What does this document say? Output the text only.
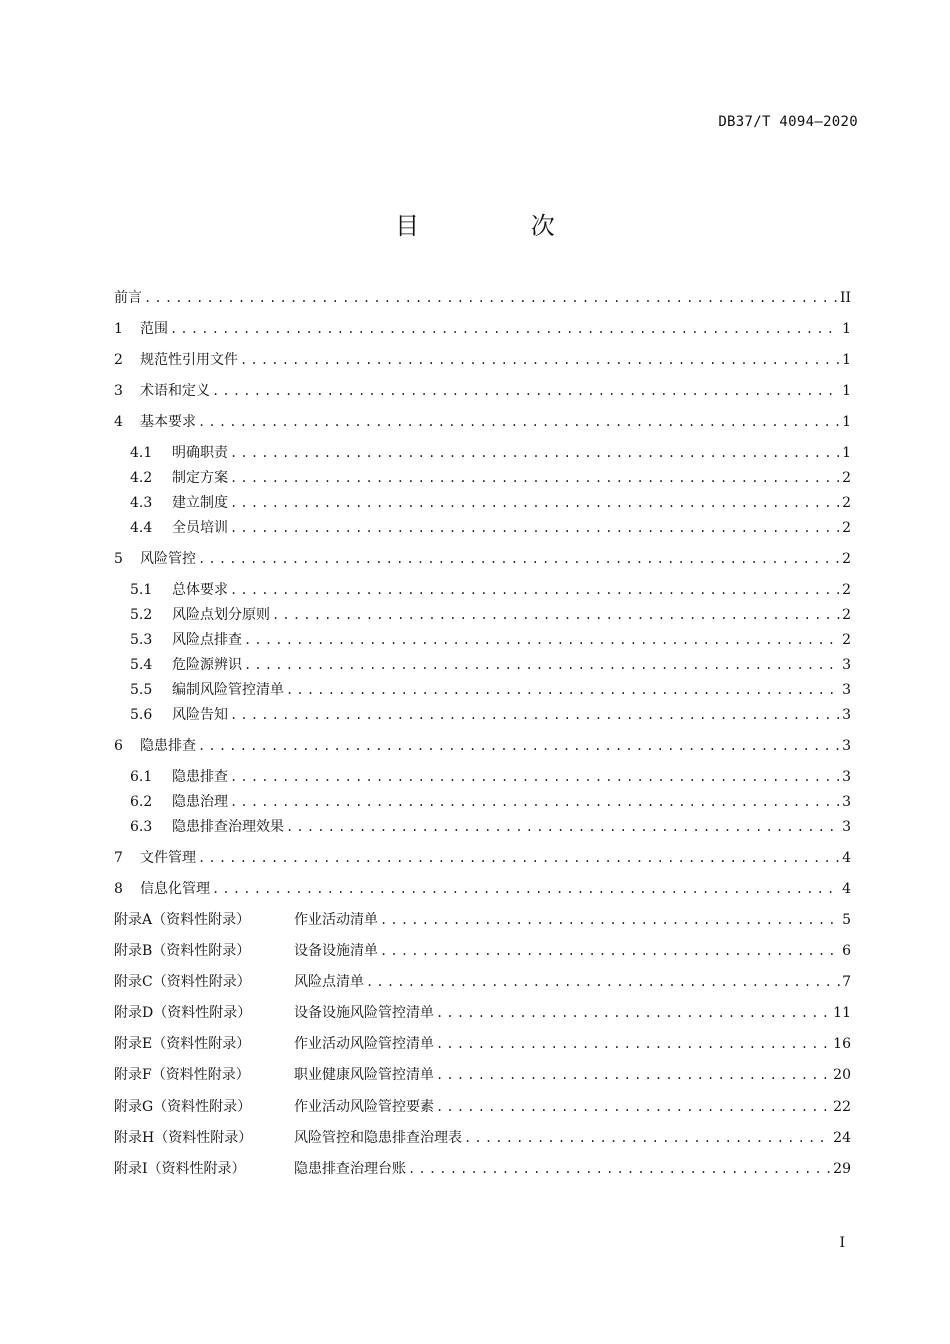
DB37/T 4094—2020
目 次
前言 .....	II
1	范围 .....	1
2	规范性引用文件 .....	1
3	术语和定义 .....	1
4	基本要求 .....	1
4.1	明确职责 .....	1
4.2	制定方案 .....	2
4.3	建立制度 .....	2
4.4	全员培训 .....	2
5	风险管控 .....	2
5.1	总体要求 .....	2
5.2	风险点划分原则 .....	2
5.3	风险点排查 .....	2
5.4	危险源辨识 .....	3
5.5	编制风险管控清单 .....	3
5.6	风险告知 .....	3
6	隐患排查 .....	3
6.1	隐患排查 .....	3
6.2	隐患治理 .....	3
6.3	隐患排查治理效果 .....	3
7	文件管理 .....	4
8	信息化管理 .....	4
附录A（资料性附录）	作业活动清单 .....	5
附录B（资料性附录）	设备设施清单 .....	6
附录C（资料性附录）	风险点清单 .....	7
附录D（资料性附录）	设备设施风险管控清单 .....	11
附录E（资料性附录）	作业活动风险管控清单 .....	16
附录F（资料性附录）	职业健康风险管控清单 .....	20
附录G（资料性附录）	作业活动风险管控要素 .....	22
附录H（资料性附录）	风险管控和隐患排查治理表 .....	24
附录I（资料性附录）	隐患排查治理台账 .....	29
I
